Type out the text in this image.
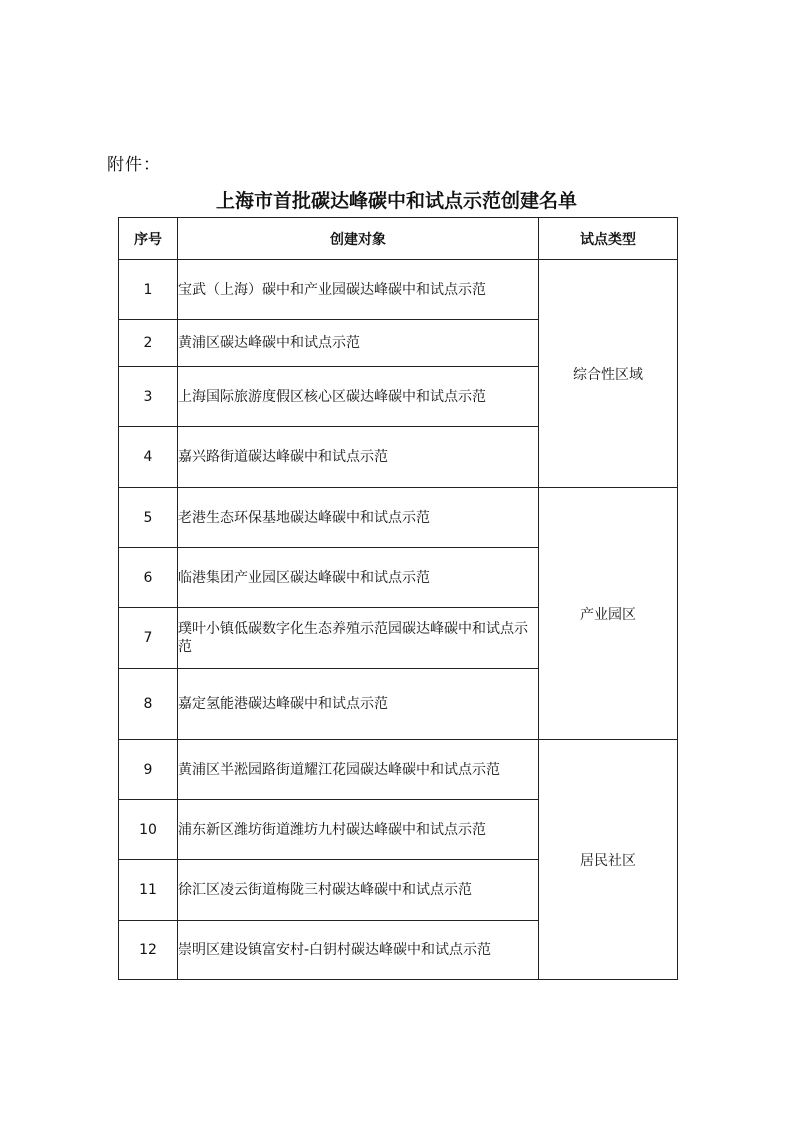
附件：
上海市首批碳达峰碳中和试点示范创建名单
序号	创建对象	试点类型
1	宝武（上海）碳中和产业园碳达峰碳中和试点示范	综合性区域
2	黄浦区碳达峰碳中和试点示范	
3	上海国际旅游度假区核心区碳达峰碳中和试点示范	
4	嘉兴路街道碳达峰碳中和试点示范	
5	老港生态环保基地碳达峰碳中和试点示范	产业园区
6	临港集团产业园区碳达峰碳中和试点示范	
7	璞叶小镇低碳数字化生态养殖示范园碳达峰碳中和试点示范	
8	嘉定氢能港碳达峰碳中和试点示范	
9	黄浦区半淞园路街道耀江花园碳达峰碳中和试点示范	居民社区
10	浦东新区潍坊街道潍坊九村碳达峰碳中和试点示范	
11	徐汇区凌云街道梅陇三村碳达峰碳中和试点示范	
12	崇明区建设镇富安村-白钥村碳达峰碳中和试点示范	
